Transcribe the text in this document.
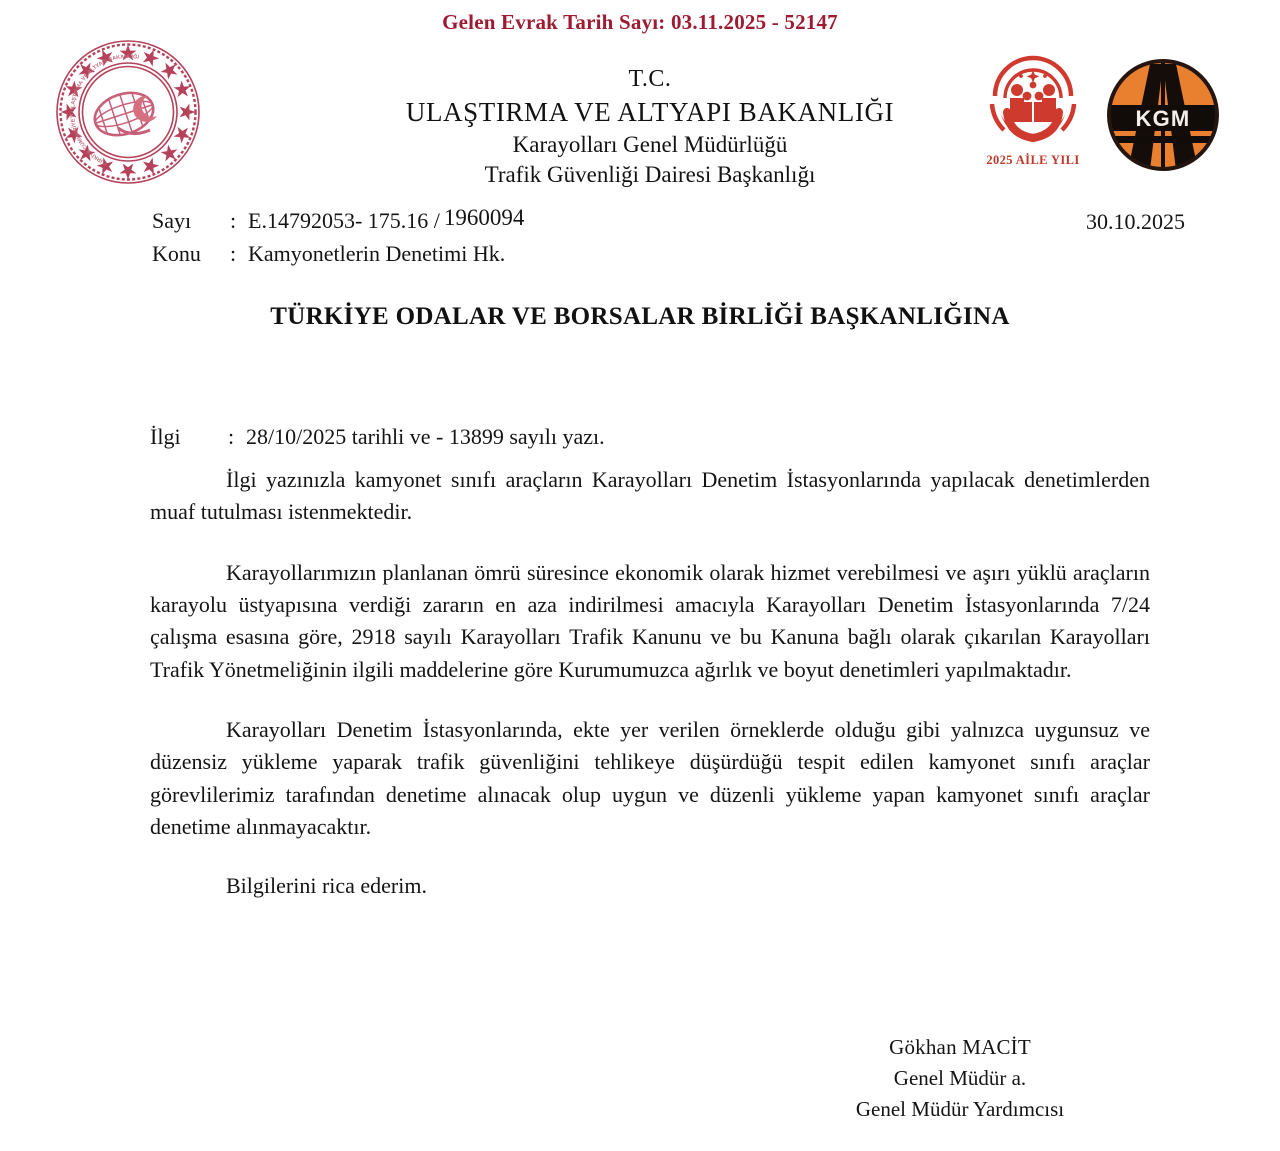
Gelen Evrak Tarih Sayı: 03.11.2025 - 52147
TÜRKİYE CUMHURİYETİ ULAŞTIRMA VE ALTYAPI BAKANLIĞI
T.C.
ULAŞTIRMA VE ALTYAPI BAKANLIĞI
Karayolları Genel Müdürlüğü
Trafik Güvenliği Dairesi Başkanlığı
2025 AİLE YILI
KGM
Sayı : E.14792053- 175.16 / 1960094
Konu : Kamyonetlerin Denetimi Hk.
30.10.2025
TÜRKİYE ODALAR VE BORSALAR BİRLİĞİ BAŞKANLIĞINA
İlgi : 28/10/2025 tarihli ve - 13899 sayılı yazı.

İlgi yazınızla kamyonet sınıfı araçların Karayolları Denetim İstasyonlarında yapılacak denetimlerden muaf tutulması istenmektedir.

Karayollarımızın planlanan ömrü süresince ekonomik olarak hizmet verebilmesi ve aşırı yüklü araçların karayolu üstyapısına verdiği zararın en aza indirilmesi amacıyla Karayolları Denetim İstasyonlarında 7/24 çalışma esasına göre, 2918 sayılı Karayolları Trafik Kanunu ve bu Kanuna bağlı olarak çıkarılan Karayolları Trafik Yönetmeliğinin ilgili maddelerine göre Kurumumuzca ağırlık ve boyut denetimleri yapılmaktadır.

Karayolları Denetim İstasyonlarında, ekte yer verilen örneklerde olduğu gibi yalnızca uygunsuz ve düzensiz yükleme yaparak trafik güvenliğini tehlikeye düşürdüğü tespit edilen kamyonet sınıfı araçlar görevlilerimiz tarafından denetime alınacak olup uygun ve düzenli yükleme yapan kamyonet sınıfı araçlar denetime alınmayacaktır.

Bilgilerini rica ederim.
Gökhan MACİT
Genel Müdür a.
Genel Müdür Yardımcısı
